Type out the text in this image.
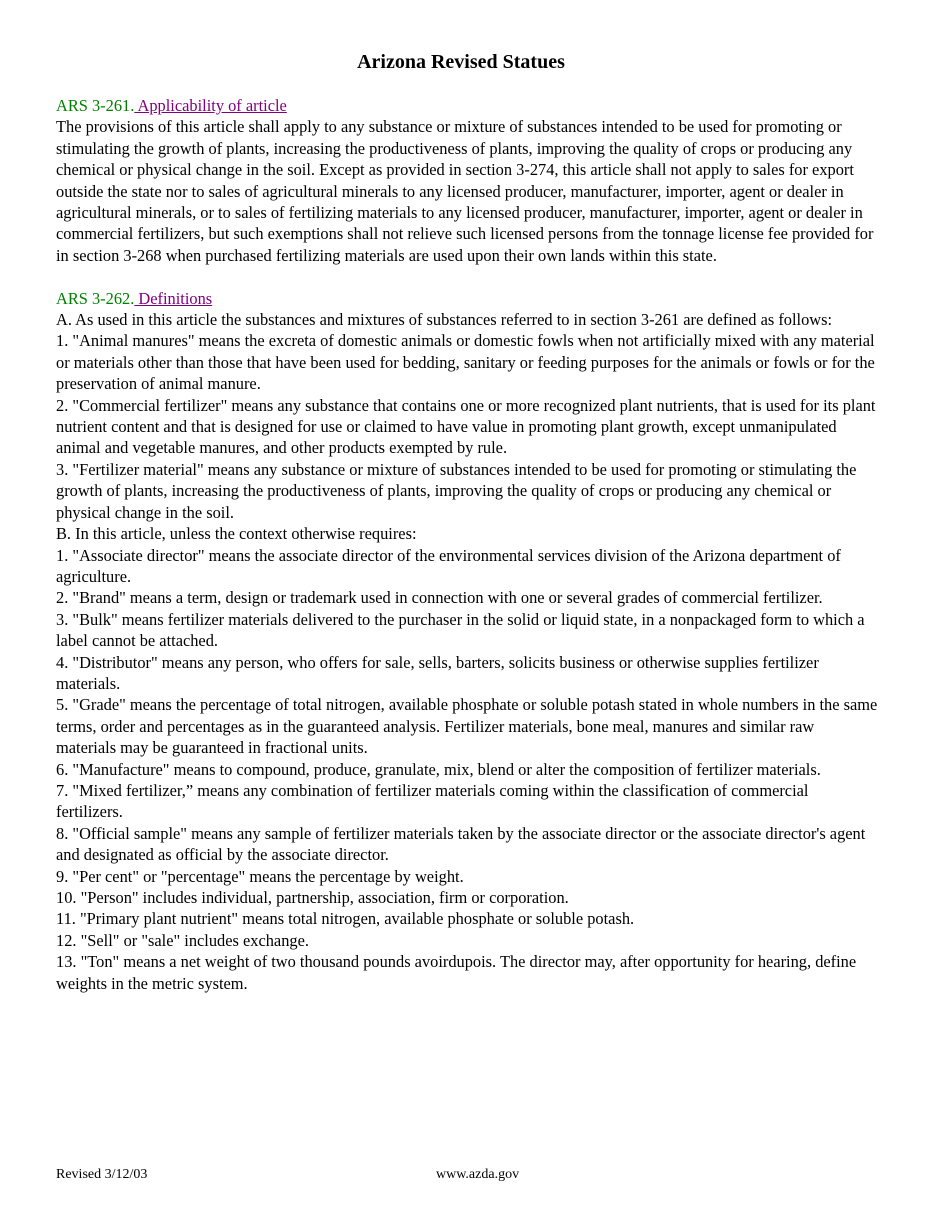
Arizona Revised Statues
ARS 3-261. Applicability of article
The provisions of this article shall apply to any substance or mixture of substances intended to be used for promoting or stimulating the growth of plants, increasing the productiveness of plants, improving the quality of crops or producing any chemical or physical change in the soil. Except as provided in section 3-274, this article shall not apply to sales for export outside the state nor to sales of agricultural minerals to any licensed producer, manufacturer, importer, agent or dealer in agricultural minerals, or to sales of fertilizing materials to any licensed producer, manufacturer, importer, agent or dealer in commercial fertilizers, but such exemptions shall not relieve such licensed persons from the tonnage license fee provided for in section 3-268 when purchased fertilizing materials are used upon their own lands within this state.
ARS 3-262. Definitions
A. As used in this article the substances and mixtures of substances referred to in section 3-261 are defined as follows:
1. "Animal manures" means the excreta of domestic animals or domestic fowls when not artificially mixed with any material or materials other than those that have been used for bedding, sanitary or feeding purposes for the animals or fowls or for the preservation of animal manure.
2. "Commercial fertilizer" means any substance that contains one or more recognized plant nutrients, that is used for its plant nutrient content and that is designed for use or claimed to have value in promoting plant growth, except unmanipulated animal and vegetable manures, and other products exempted by rule.
3. "Fertilizer material" means any substance or mixture of substances intended to be used for promoting or stimulating the growth of plants, increasing the productiveness of plants, improving the quality of crops or producing any chemical or physical change in the soil.
B. In this article, unless the context otherwise requires:
1. "Associate director" means the associate director of the environmental services division of the Arizona department of agriculture.
2. "Brand" means a term, design or trademark used in connection with one or several grades of commercial fertilizer.
3. "Bulk" means fertilizer materials delivered to the purchaser in the solid or liquid state, in a nonpackaged form to which a label cannot be attached.
4. "Distributor" means any person, who offers for sale, sells, barters, solicits business or otherwise supplies fertilizer materials.
5. "Grade" means the percentage of total nitrogen, available phosphate or soluble potash stated in whole numbers in the same terms, order and percentages as in the guaranteed analysis. Fertilizer materials, bone meal, manures and similar raw materials may be guaranteed in fractional units.
6. "Manufacture" means to compound, produce, granulate, mix, blend or alter the composition of fertilizer materials.
7. "Mixed fertilizer,” means any combination of fertilizer materials coming within the classification of commercial fertilizers.
8. "Official sample" means any sample of fertilizer materials taken by the associate director or the associate director's agent and designated as official by the associate director.
9. "Per cent" or "percentage" means the percentage by weight.
10. "Person" includes individual, partnership, association, firm or corporation.
11. "Primary plant nutrient" means total nitrogen, available phosphate or soluble potash.
12. "Sell" or "sale" includes exchange.
13. "Ton" means a net weight of two thousand pounds avoirdupois. The director may, after opportunity for hearing, define weights in the metric system.
Revised 3/12/03	www.azda.gov
